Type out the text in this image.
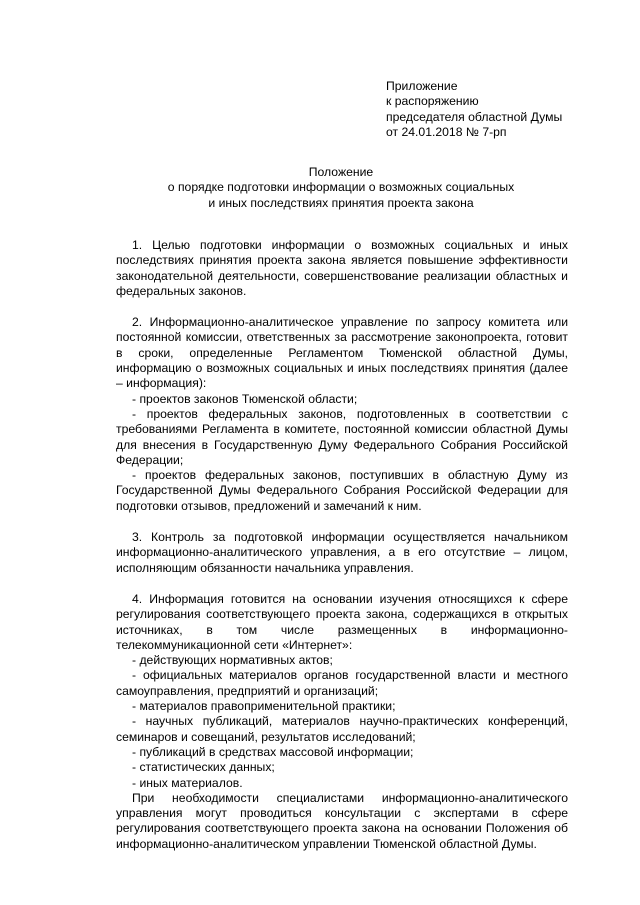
Приложение
к распоряжению
председателя областной Думы
от 24.01.2018 № 7-рп
Положение
о порядке подготовки информации о возможных социальных
и иных последствиях принятия проекта закона

1. Целью подготовки информации о возможных социальных и иных последствиях принятия проекта закона является повышение эффективности законодательной деятельности, совершенствование реализации областных и федеральных законов.

2. Информационно-аналитическое управление по запросу комитета или постоянной комиссии, ответственных за рассмотрение законопроекта, готовит в сроки, определенные Регламентом Тюменской областной Думы, информацию о возможных социальных и иных последствиях принятия (далее – информация):

- проектов законов Тюменской области;

- проектов федеральных законов, подготовленных в соответствии с требованиями Регламента в комитете, постоянной комиссии областной Думы для внесения в Государственную Думу Федерального Собрания Российской Федерации;

- проектов федеральных законов, поступивших в областную Думу из Государственной Думы Федерального Собрания Российской Федерации для подготовки отзывов, предложений и замечаний к ним.

3. Контроль за подготовкой информации осуществляется начальником информационно-аналитического управления, а в его отсутствие – лицом, исполняющим обязанности начальника управления.

4. Информация готовится на основании изучения относящихся к сфере регулирования соответствующего проекта закона, содержащихся в открытых источниках, в том числе размещенных в информационно-телекоммуникационной сети «Интернет»:

- действующих нормативных актов;

- официальных материалов органов государственной власти и местного самоуправления, предприятий и организаций;

- материалов правоприменительной практики;

- научных публикаций, материалов научно-практических конференций, семинаров и совещаний, результатов исследований;

- публикаций в средствах массовой информации;

- статистических данных;

- иных материалов.

При необходимости специалистами информационно-аналитического управления могут проводиться консультации с экспертами в сфере регулирования соответствующего проекта закона на основании Положения об информационно-аналитическом управлении Тюменской областной Думы.
